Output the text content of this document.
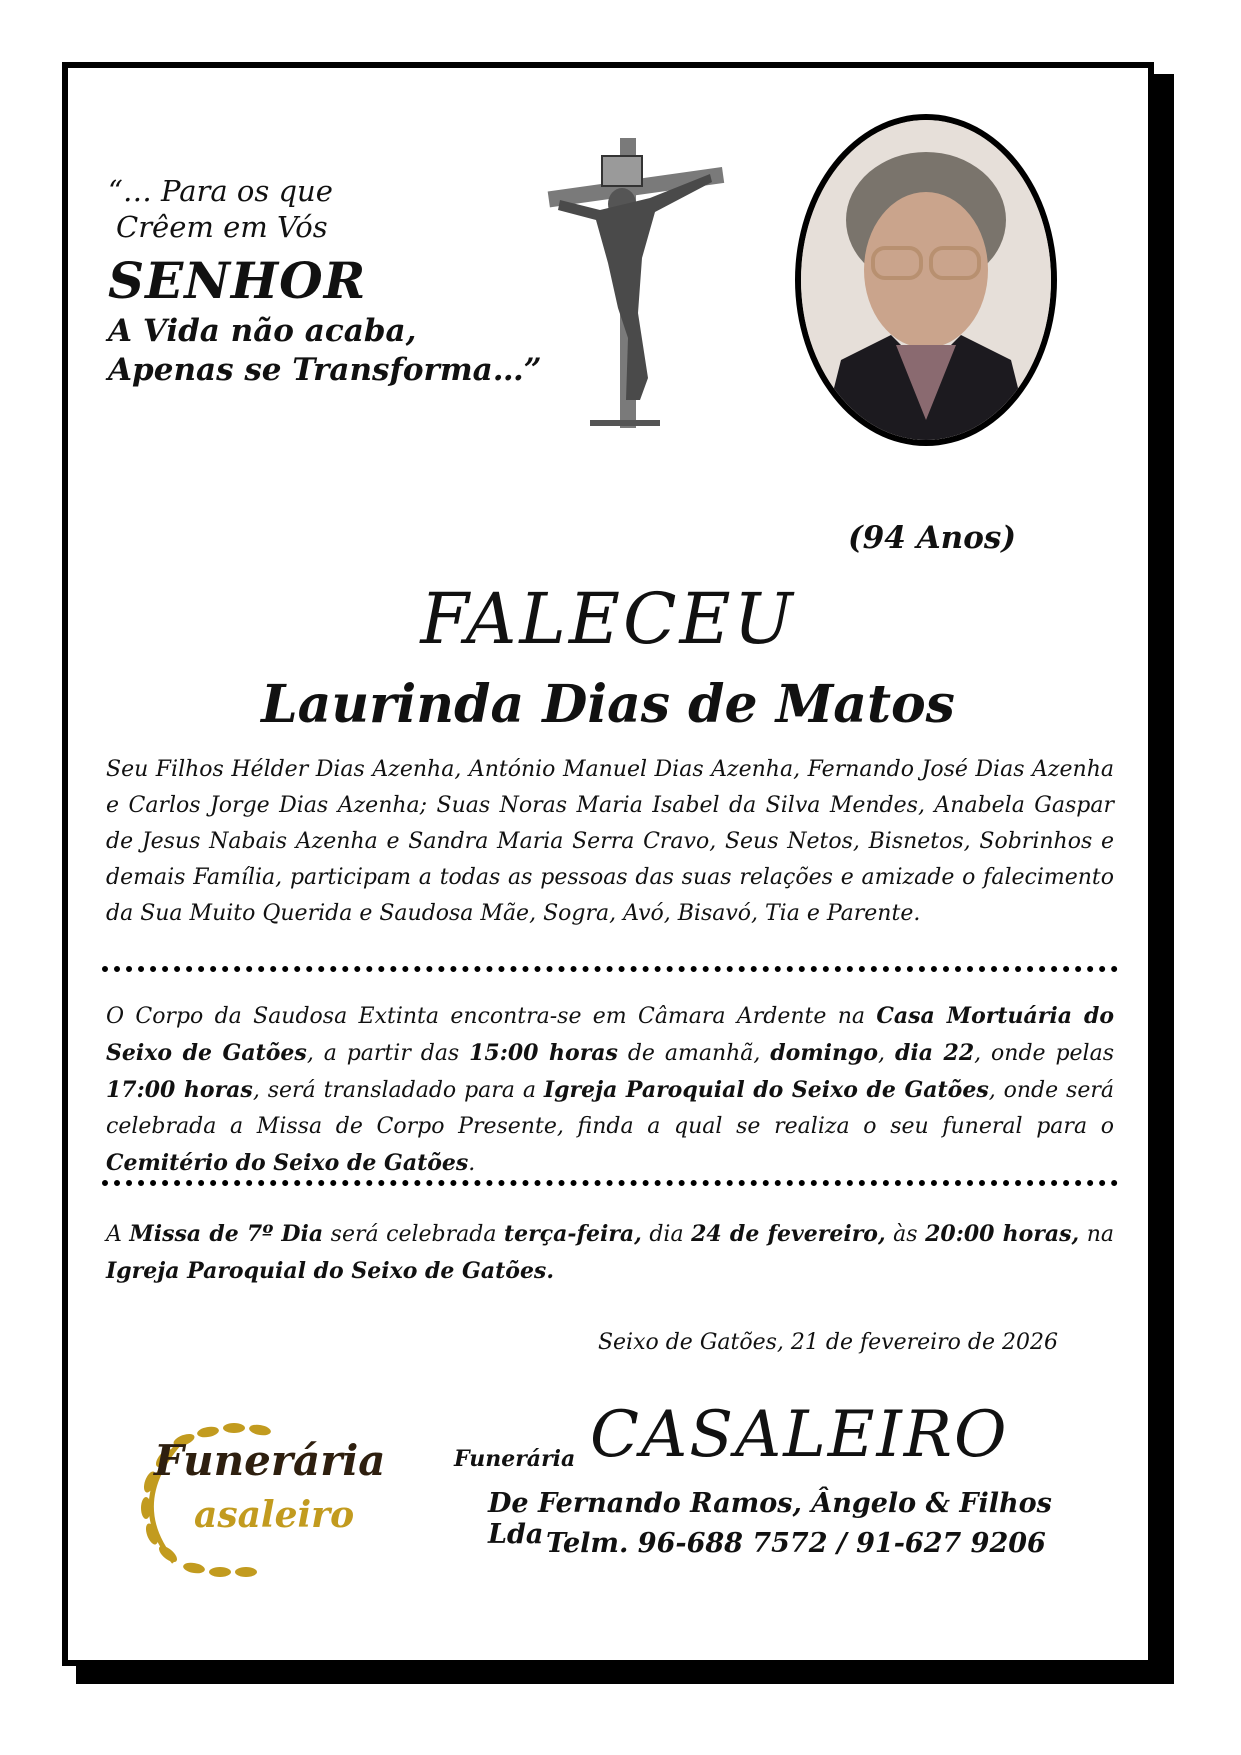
“… Para os que
Crêem em Vós
SENHOR
A Vida não acaba,
Apenas se Transforma…”
(94 Anos)
FALECEU
Laurinda Dias de Matos
Seu Filhos Hélder Dias Azenha, António Manuel Dias Azenha, Fernando José Dias Azenha e Carlos Jorge Dias Azenha; Suas Noras Maria Isabel da Silva Mendes, Anabela Gaspar de Jesus Nabais Azenha e Sandra Maria Serra Cravo, Seus Netos, Bisnetos, Sobrinhos e demais Família, participam a todas as pessoas das suas relações e amizade o falecimento da Sua Muito Querida e Saudosa Mãe, Sogra, Avó, Bisavó, Tia e Parente.
O Corpo da Saudosa Extinta encontra-se em Câmara Ardente na Casa Mortuária do Seixo de Gatões, a partir das 15:00 horas de amanhã, domingo, dia 22, onde pelas 17:00 horas, será transladado para a Igreja Paroquial do Seixo de Gatões, onde será celebrada a Missa de Corpo Presente, finda a qual se realiza o seu funeral para o Cemitério do Seixo de Gatões.
A Missa de 7º Dia será celebrada terça-feira, dia 24 de fevereiro, às 20:00 horas, na Igreja Paroquial do Seixo de Gatões.
Seixo de Gatões, 21 de fevereiro de 2026
Funerária
asaleiro
Funerária CASALEIRO
De Fernando Ramos, Ângelo & Filhos Lda Telm. 96-688 7572 / 91-627 9206
